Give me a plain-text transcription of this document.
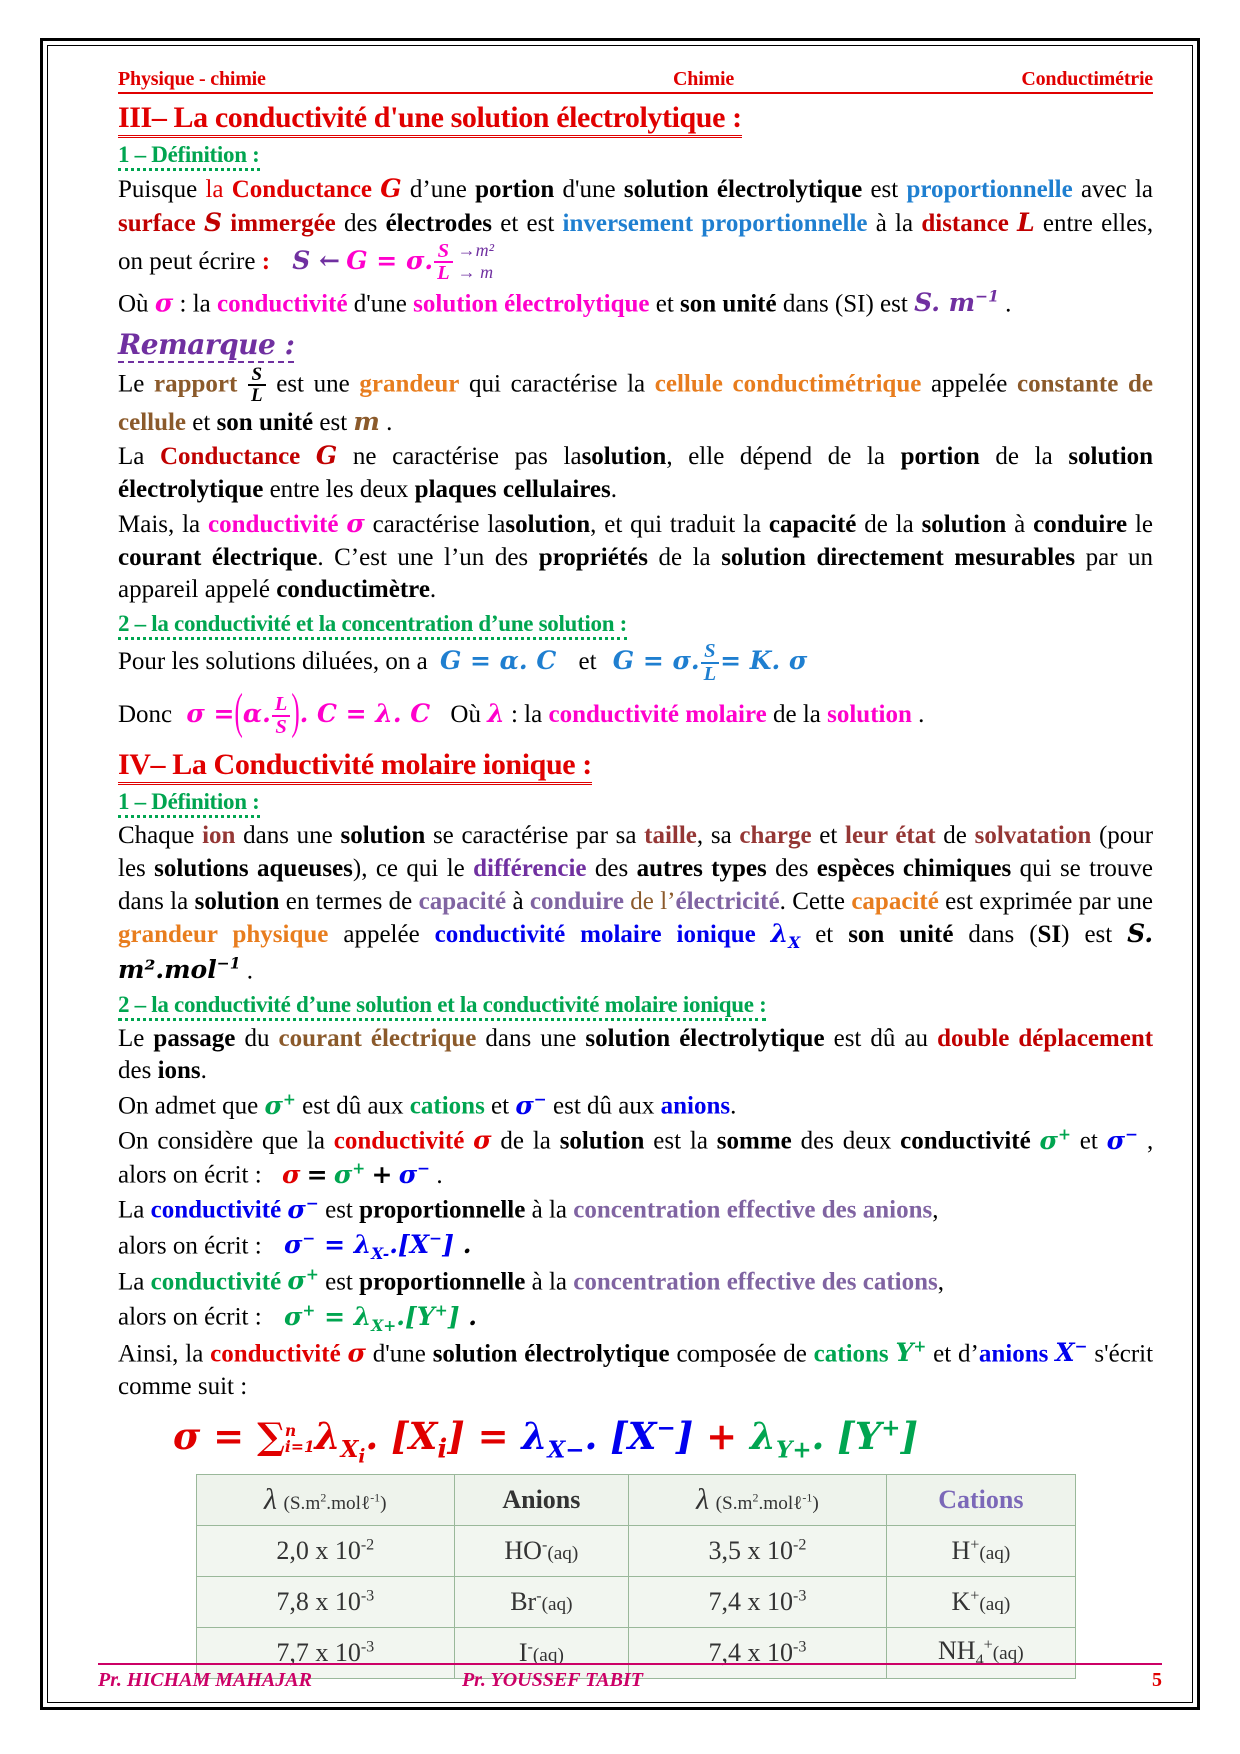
Physique - chimie	Chimie	Conductimétrie
III– La conductivité d'une solution électrolytique :
1 – Définition :

Puisque la Conductance G d’une portion d'une solution électrolytique est proportionnelle avec la surface S immergée des électrodes et est inversement proportionnelle à la distance L entre elles, on peut écrire : S ← G = σ. $\frac{S}{L} \to m^2$
→ m

Où σ : la conductivité d'une solution électrolytique et son unité dans (SI) est S. $m^{-1}$ .

Remarque :

Le rapport $\frac{S}{L}$ est une grandeur qui caractérise la cellule conductimétrique appelée constante de cellule et son unité est m .

La Conductance G ne caractérise pas lasolution, elle dépend de la portion de la solution électrolytique entre les deux plaques cellulaires.

Mais, la conductivité σ caractérise lasolution, et qui traduit la capacité de la solution à conduire le courant électrique. C’est une l’un des propriétés de la solution directement mesurables par un appareil appelé conductimètre.

2 – la conductivité et la concentration d’une solution :

Pour les solutions diluées, on a G = α. C et G = σ. $\frac{S}{L} = K$. σ

Donc σ =(α. $\frac{L}{S}$ ). C = λ. C Où λ : la conductivité molaire de la solution .

IV– La Conductivité molaire ionique :
1 – Définition :

Chaque ion dans une solution se caractérise par sa taille, sa charge et leur état de solvatation (pour les solutions aqueuses), ce qui le différencie des autres types des espèces chimiques qui se trouve dans la solution en termes de capacité à conduire de l’électricité. Cette capacité est exprimée par une grandeur physique appelée conductivité molaire ionique $\lambda_X$ et son unité dans (SI) est S. m².mol$^{-1}$ .

2 – la conductivité d’une solution et la conductivité molaire ionique :

Le passage du courant électrique dans une solution électrolytique est dû au double déplacement des ions.

On admet que σ+ est dû aux cations et σ− est dû aux anions.

On considère que la conductivité σ de la solution est la somme des deux conductivité σ+ et σ− , alors on écrit : σ = σ+ + σ− .

La conductivité σ− est proportionnelle à la concentration effective des anions,

alors on écrit : $\sigma^- = \lambda_{X-}.[X^-]$ .

La conductivité σ+ est proportionnelle à la concentration effective des cations,

alors on écrit : $\sigma^+ = \lambda_{X+}.[Y^+]$ .

Ainsi, la conductivité σ d'une solution électrolytique composée de cations Y+ et d’anions X− s'écrit comme suit :

σ = ∑ n
i=1 $\lambda_{X_i}$. $[X_i] = \lambda_{X-}$. $[X^-] + \lambda_{Y+}$. [Y+]
λ $(S.m^2.mol\ell^{-1})$	Anions	λ $(S.m^2.mol\ell^{-1})$	Cations
2,0 x $10^{-2}$	HO-(aq)	3,5 x $10^{-2}$	H+(aq)
7,8 x $10^{-3}$	Br-(aq)	7,4 x $10^{-3}$	K+(aq)
7,7 x $10^{-3}$	I-(aq)	7,4 x $10^{-3}$	$NH_4^+(aq)$
Pr. HICHAM MAHAJAR	Pr. YOUSSEF TABIT	5
